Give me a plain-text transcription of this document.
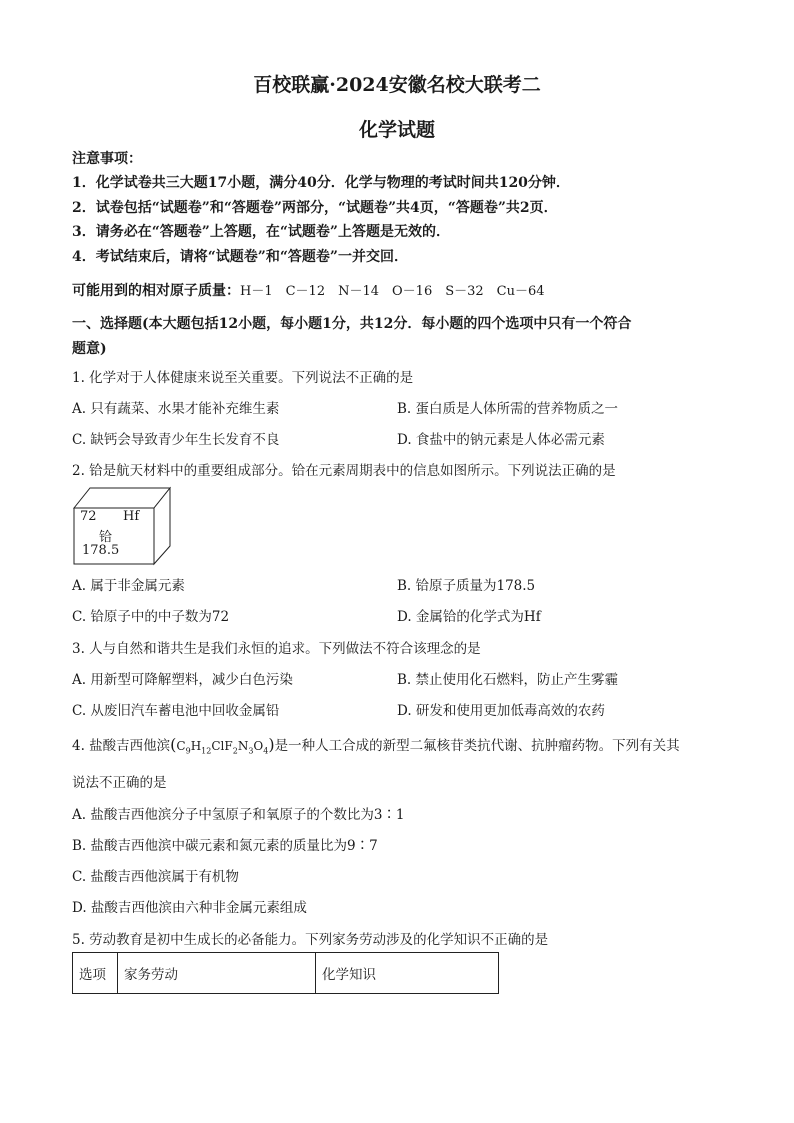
百校联赢·2024安徽名校大联考二
化学试题
注意事项：
1．化学试卷共三大题17小题，满分40分．化学与物理的考试时间共120分钟．
2．试卷包括“试题卷”和“答题卷”两部分，“试题卷”共4页，“答题卷”共2页．
3．请务必在“答题卷”上答题，在“试题卷”上答题是无效的．
4．考试结束后，请将“试题卷”和“答题卷”一并交回．
可能用到的相对原子质量：H－1　C－12　N－14　O－16　S－32　Cu－64
一、选择题(本大题包括12小题，每小题1分，共12分．每小题的四个选项中只有一个符合
题意)
1. 化学对于人体健康来说至关重要。下列说法不正确的是
A. 只有蔬菜、水果才能补充维生素	B. 蛋白质是人体所需的营养物质之一
C. 缺钙会导致青少年生长发育不良	D. 食盐中的钠元素是人体必需元素
2. 铪是航天材料中的重要组成部分。铪在元素周期表中的信息如图所示。下列说法正确的是
72 Hf
铪
178.5
A. 属于非金属元素	B. 铪原子质量为178.5
C. 铪原子中的中子数为72	D. 金属铪的化学式为Hf
3. 人与自然和谐共生是我们永恒的追求。下列做法不符合该理念的是
A. 用新型可降解塑料，减少白色污染	B. 禁止使用化石燃料，防止产生雾霾
C. 从废旧汽车蓄电池中回收金属铅	D. 研发和使用更加低毒高效的农药
4. 盐酸吉西他滨$(C_9H_{12}ClF_2N_3O_4)$是一种人工合成的新型二氟核苷类抗代谢、抗肿瘤药物。下列有关其
说法不正确的是
A. 盐酸吉西他滨分子中氢原子和氧原子的个数比为3∶1
B. 盐酸吉西他滨中碳元素和氮元素的质量比为9∶7
C. 盐酸吉西他滨属于有机物
D. 盐酸吉西他滨由六种非金属元素组成
5. 劳动教育是初中生成长的必备能力。下列家务劳动涉及的化学知识不正确的是
选项	家务劳动	化学知识
